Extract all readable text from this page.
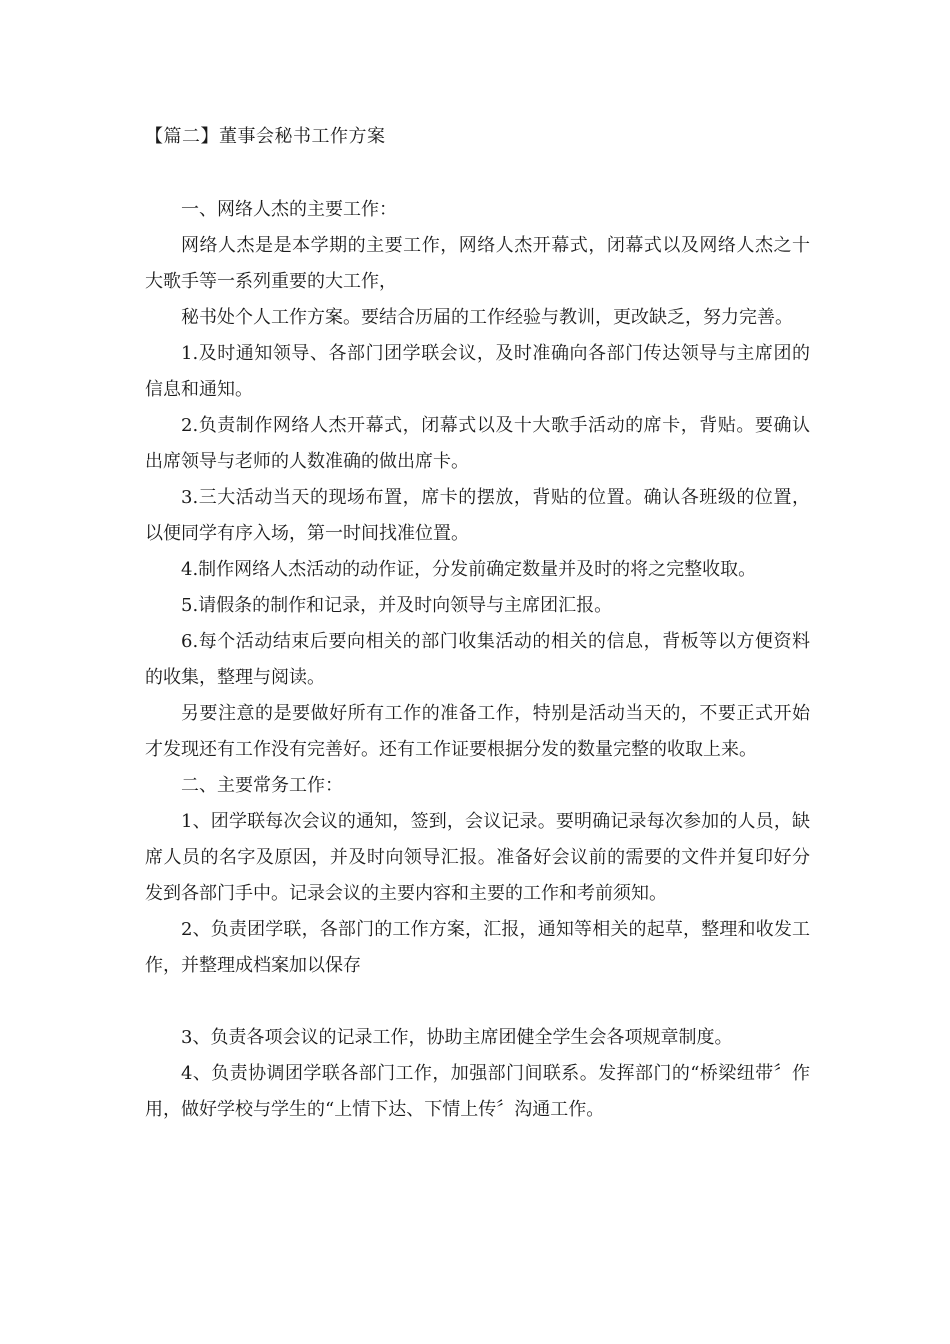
【篇二】董事会秘书工作方案

一、网络人杰的主要工作：

网络人杰是是本学期的主要工作，网络人杰开幕式，闭幕式以及网络人杰之十大歌手等一系列重要的大工作，

秘书处个人工作方案。要结合历届的工作经验与教训，更改缺乏，努力完善。

1.及时通知领导、各部门团学联会议，及时准确向各部门传达领导与主席团的信息和通知。

2.负责制作网络人杰开幕式，闭幕式以及十大歌手活动的席卡，背贴。要确认出席领导与老师的人数准确的做出席卡。

3.三大活动当天的现场布置，席卡的摆放，背贴的位置。确认各班级的位置，以便同学有序入场，第一时间找准位置。

4.制作网络人杰活动的动作证，分发前确定数量并及时的将之完整收取。

5.请假条的制作和记录，并及时向领导与主席团汇报。

6.每个活动结束后要向相关的部门收集活动的相关的信息，背板等以方便资料的收集，整理与阅读。

另要注意的是要做好所有工作的准备工作，特别是活动当天的，不要正式开始才发现还有工作没有完善好。还有工作证要根据分发的数量完整的收取上来。

二、主要常务工作：

1、团学联每次会议的通知，签到，会议记录。要明确记录每次参加的人员，缺席人员的名字及原因，并及时向领导汇报。准备好会议前的需要的文件并复印好分发到各部门手中。记录会议的主要内容和主要的工作和考前须知。

2、负责团学联，各部门的工作方案，汇报，通知等相关的起草，整理和收发工作，并整理成档案加以保存

3、负责各项会议的记录工作，协助主席团健全学生会各项规章制度。

4、负责协调团学联各部门工作，加强部门间联系。发挥部门的“桥梁纽带〞作用，做好学校与学生的“上情下达、下情上传〞沟通工作。
